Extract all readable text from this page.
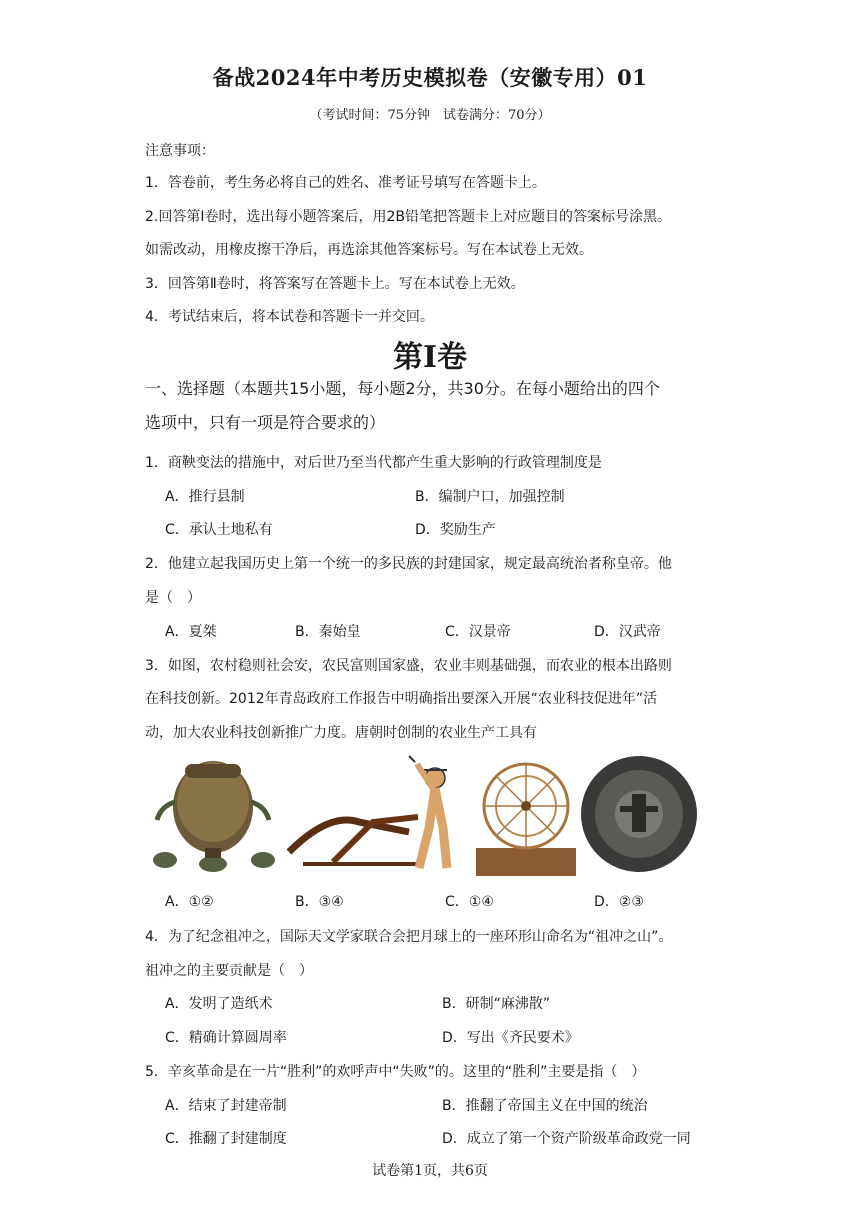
备战2024年中考历史模拟卷（安徽专用）01
（考试时间：75分钟　试卷满分：70分）
注意事项：
1．答卷前，考生务必将自己的姓名、准考证号填写在答题卡上。
2.回答第Ⅰ卷时，选出每小题答案后，用2B铅笔把答题卡上对应题目的答案标号涂黑。
如需改动，用橡皮擦干净后，再选涂其他答案标号。写在本试卷上无效。
3．回答第Ⅱ卷时，将答案写在答题卡上。写在本试卷上无效。
4．考试结束后，将本试卷和答题卡一并交回。
第Ⅰ卷
一、选择题（本题共15小题，每小题2分，共30分。在每小题给出的四个
选项中，只有一项是符合要求的）
1．商鞅变法的措施中，对后世乃至当代都产生重大影响的行政管理制度是
A．推行县制	B．编制户口，加强控制
C．承认土地私有	D．奖励生产
2．他建立起我国历史上第一个统一的多民族的封建国家，规定最高统治者称皇帝。他
是（　）
A．夏桀	B．秦始皇	C．汉景帝	D．汉武帝
3．如图，农村稳则社会安，农民富则国家盛，农业丰则基础强，而农业的根本出路则
在科技创新。2012年青岛政府工作报告中明确指出要深入开展“农业科技促进年”活
动，加大农业科技创新推广力度。唐朝时创制的农业生产工具有
A．①②	B．③④	C．①④	D．②③
4．为了纪念祖冲之，国际天文学家联合会把月球上的一座环形山命名为“祖冲之山”。
祖冲之的主要贡献是（　）
A．发明了造纸术	B．研制“麻沸散”
C．精确计算圆周率	D．写出《齐民要术》
5．辛亥革命是在一片“胜利”的欢呼声中“失败”的。这里的“胜利”主要是指（　）
A．结束了封建帝制	B．推翻了帝国主义在中国的统治
C．推翻了封建制度	D．成立了第一个资产阶级革命政党一同
试卷第1页，共6页
